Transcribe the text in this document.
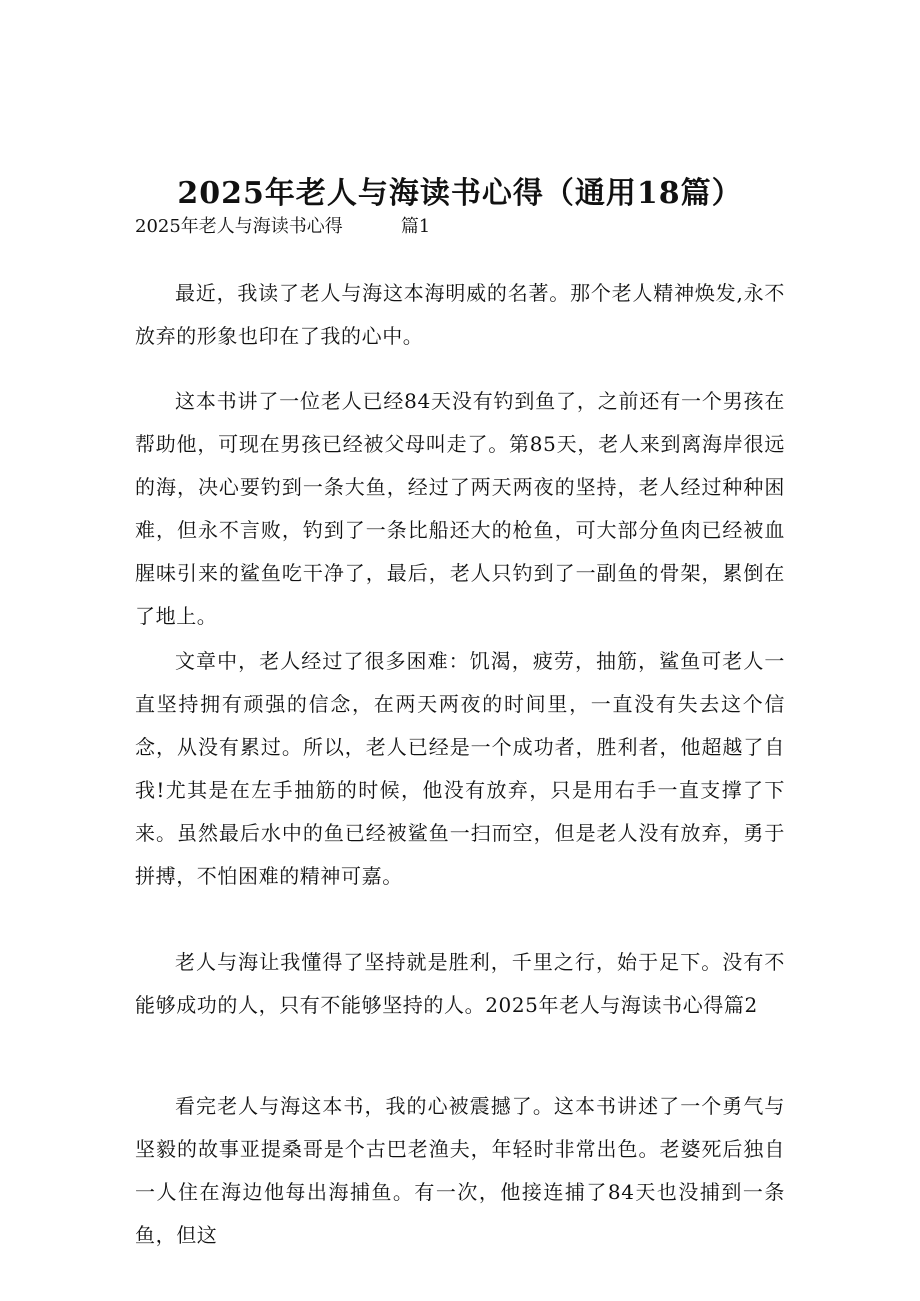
2025年老人与海读书心得（通用18篇）
2025年老人与海读书心得	篇1

最近，我读了老人与海这本海明威的名著。那个老人精神焕发,永不放弃的形象也印在了我的心中。

这本书讲了一位老人已经84天没有钓到鱼了，之前还有一个男孩在帮助他，可现在男孩已经被父母叫走了。第85天，老人来到离海岸很远的海，决心要钓到一条大鱼，经过了两天两夜的坚持，老人经过种种困难，但永不言败，钓到了一条比船还大的枪鱼，可大部分鱼肉已经被血腥味引来的鲨鱼吃干净了，最后，老人只钓到了一副鱼的骨架，累倒在了地上。

文章中，老人经过了很多困难：饥渴，疲劳，抽筋，鲨鱼可老人一直坚持拥有顽强的信念，在两天两夜的时间里，一直没有失去这个信念，从没有累过。所以，老人已经是一个成功者，胜利者，他超越了自我!尤其是在左手抽筋的时候，他没有放弃，只是用右手一直支撑了下来。虽然最后水中的鱼已经被鲨鱼一扫而空，但是老人没有放弃，勇于拼搏，不怕困难的精神可嘉。

老人与海让我懂得了坚持就是胜利，千里之行，始于足下。没有不能够成功的人，只有不能够坚持的人。2025年老人与海读书心得篇2

看完老人与海这本书，我的心被震撼了。这本书讲述了一个勇气与坚毅的故事亚提桑哥是个古巴老渔夫，年轻时非常出色。老婆死后独自一人住在海边他每出海捕鱼。有一次，他接连捕了84天也没捕到一条鱼，但这
